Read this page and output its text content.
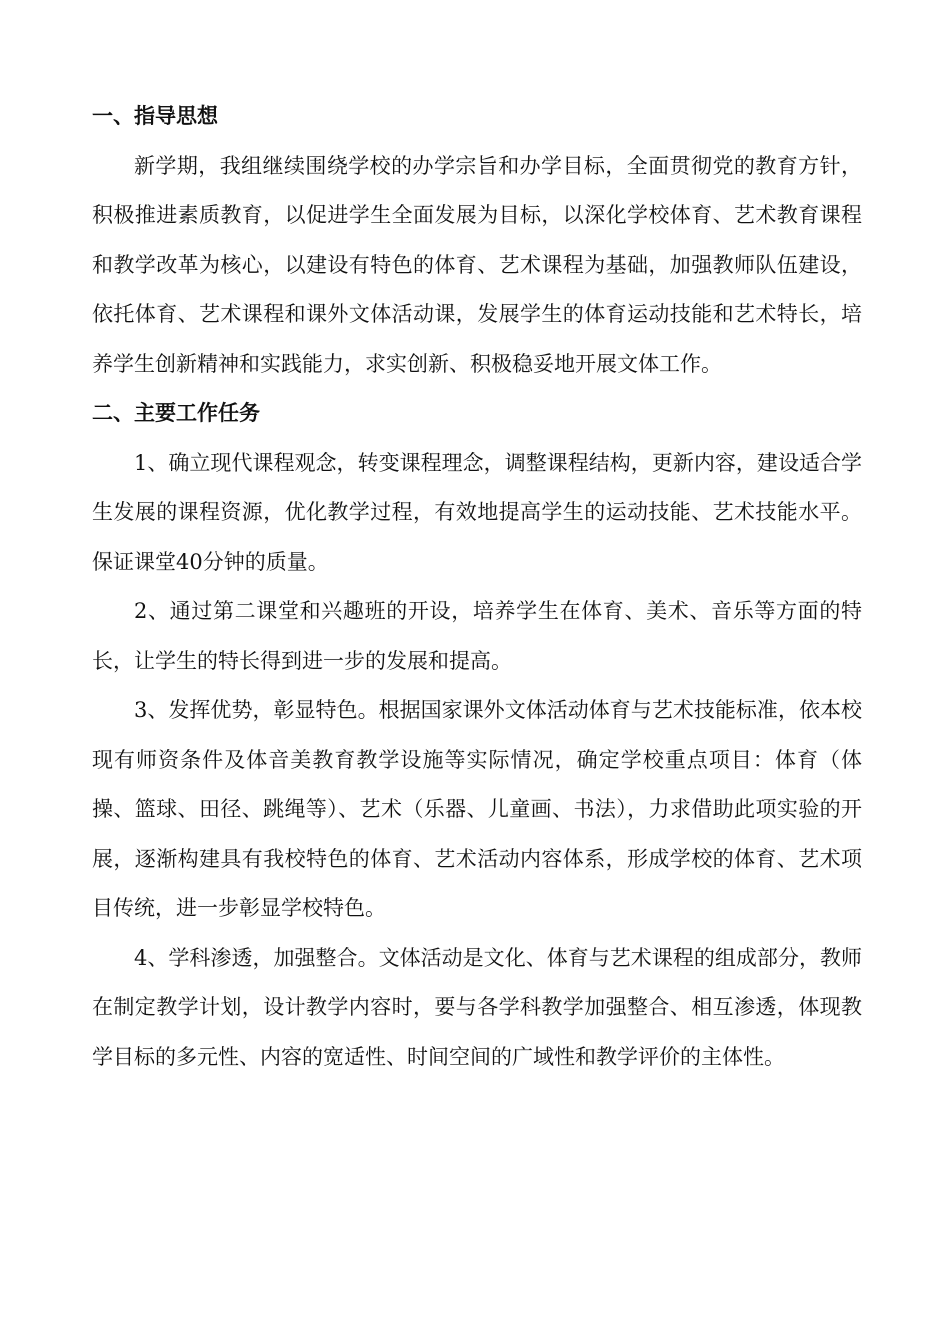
一、指导思想

新学期，我组继续围绕学校的办学宗旨和办学目标，全面贯彻党的教育方针，积极推进素质教育，以促进学生全面发展为目标，以深化学校体育、艺术教育课程和教学改革为核心，以建设有特色的体育、艺术课程为基础，加强教师队伍建设，依托体育、艺术课程和课外文体活动课，发展学生的体育运动技能和艺术特长，培养学生创新精神和实践能力，求实创新、积极稳妥地开展文体工作。

二、主要工作任务

1、确立现代课程观念，转变课程理念，调整课程结构，更新内容，建设适合学生发展的课程资源，优化教学过程，有效地提高学生的运动技能、艺术技能水平。保证课堂40分钟的质量。

2、通过第二课堂和兴趣班的开设，培养学生在体育、美术、音乐等方面的特长，让学生的特长得到进一步的发展和提高。

3、发挥优势，彰显特色。根据国家课外文体活动体育与艺术技能标准，依本校现有师资条件及体音美教育教学设施等实际情况，确定学校重点项目：体育（体操、篮球、田径、跳绳等）、艺术（乐器、儿童画、书法），力求借助此项实验的开展，逐渐构建具有我校特色的体育、艺术活动内容体系，形成学校的体育、艺术项目传统，进一步彰显学校特色。

4、学科渗透，加强整合。文体活动是文化、体育与艺术课程的组成部分，教师在制定教学计划，设计教学内容时，要与各学科教学加强整合、相互渗透，体现教学目标的多元性、内容的宽适性、时间空间的广域性和教学评价的主体性。
